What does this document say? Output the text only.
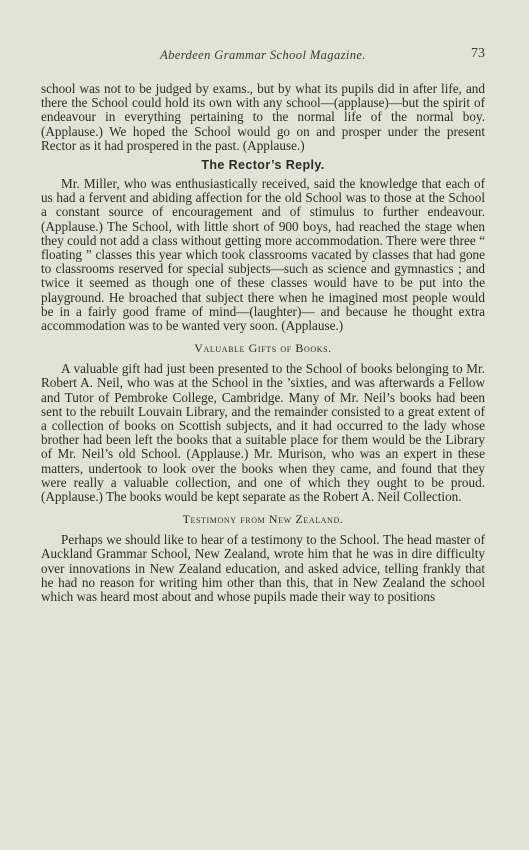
Aberdeen Grammar School Magazine.	73

school was not to be judged by exams., but by what its pupils did in after life, and there the School could hold its own with any school—(applause)—but the spirit of endeavour in everything pertaining to the normal life of the normal boy. (Applause.) We hoped the School would go on and prosper under the present Rector as it had prospered in the past. (Applause.)

The Rector’s Reply.

Mr. Miller, who was enthusiastically received, said the knowledge that each of us had a fervent and abiding affection for the old School was to those at the School a constant source of encouragement and of stimulus to further endeavour. (Applause.) The School, with little short of 900 boys, had reached the stage when they could not add a class without getting more accommodation. There were three “ floating ” classes this year which took classrooms vacated by classes that had gone to classrooms reserved for special subjects—such as science and gymnastics ; and twice it seemed as though one of these classes would have to be put into the playground. He broached that subject there when he imagined most people would be in a fairly good frame of mind—(laughter)— and because he thought extra accommodation was to be wanted very soon. (Applause.)

Valuable Gifts of Books.

A valuable gift had just been presented to the School of books belonging to Mr. Robert A. Neil, who was at the School in the ’sixties, and was afterwards a Fellow and Tutor of Pembroke College, Cambridge. Many of Mr. Neil’s books had been sent to the rebuilt Louvain Library, and the remainder consisted to a great extent of a collection of books on Scottish subjects, and it had occurred to the lady whose brother had been left the books that a suitable place for them would be the Library of Mr. Neil’s old School. (Applause.) Mr. Murison, who was an expert in these matters, undertook to look over the books when they came, and found that they were really a valuable collection, and one of which they ought to be proud. (Applause.) The books would be kept separate as the Robert A. Neil Collection.

Testimony from New Zealand.

Perhaps we should like to hear of a testimony to the School. The head master of Auckland Grammar School, New Zealand, wrote him that he was in dire difficulty over innovations in New Zealand education, and asked advice, telling frankly that he had no reason for writing him other than this, that in New Zealand the school which was heard most about and whose pupils made their way to positions
